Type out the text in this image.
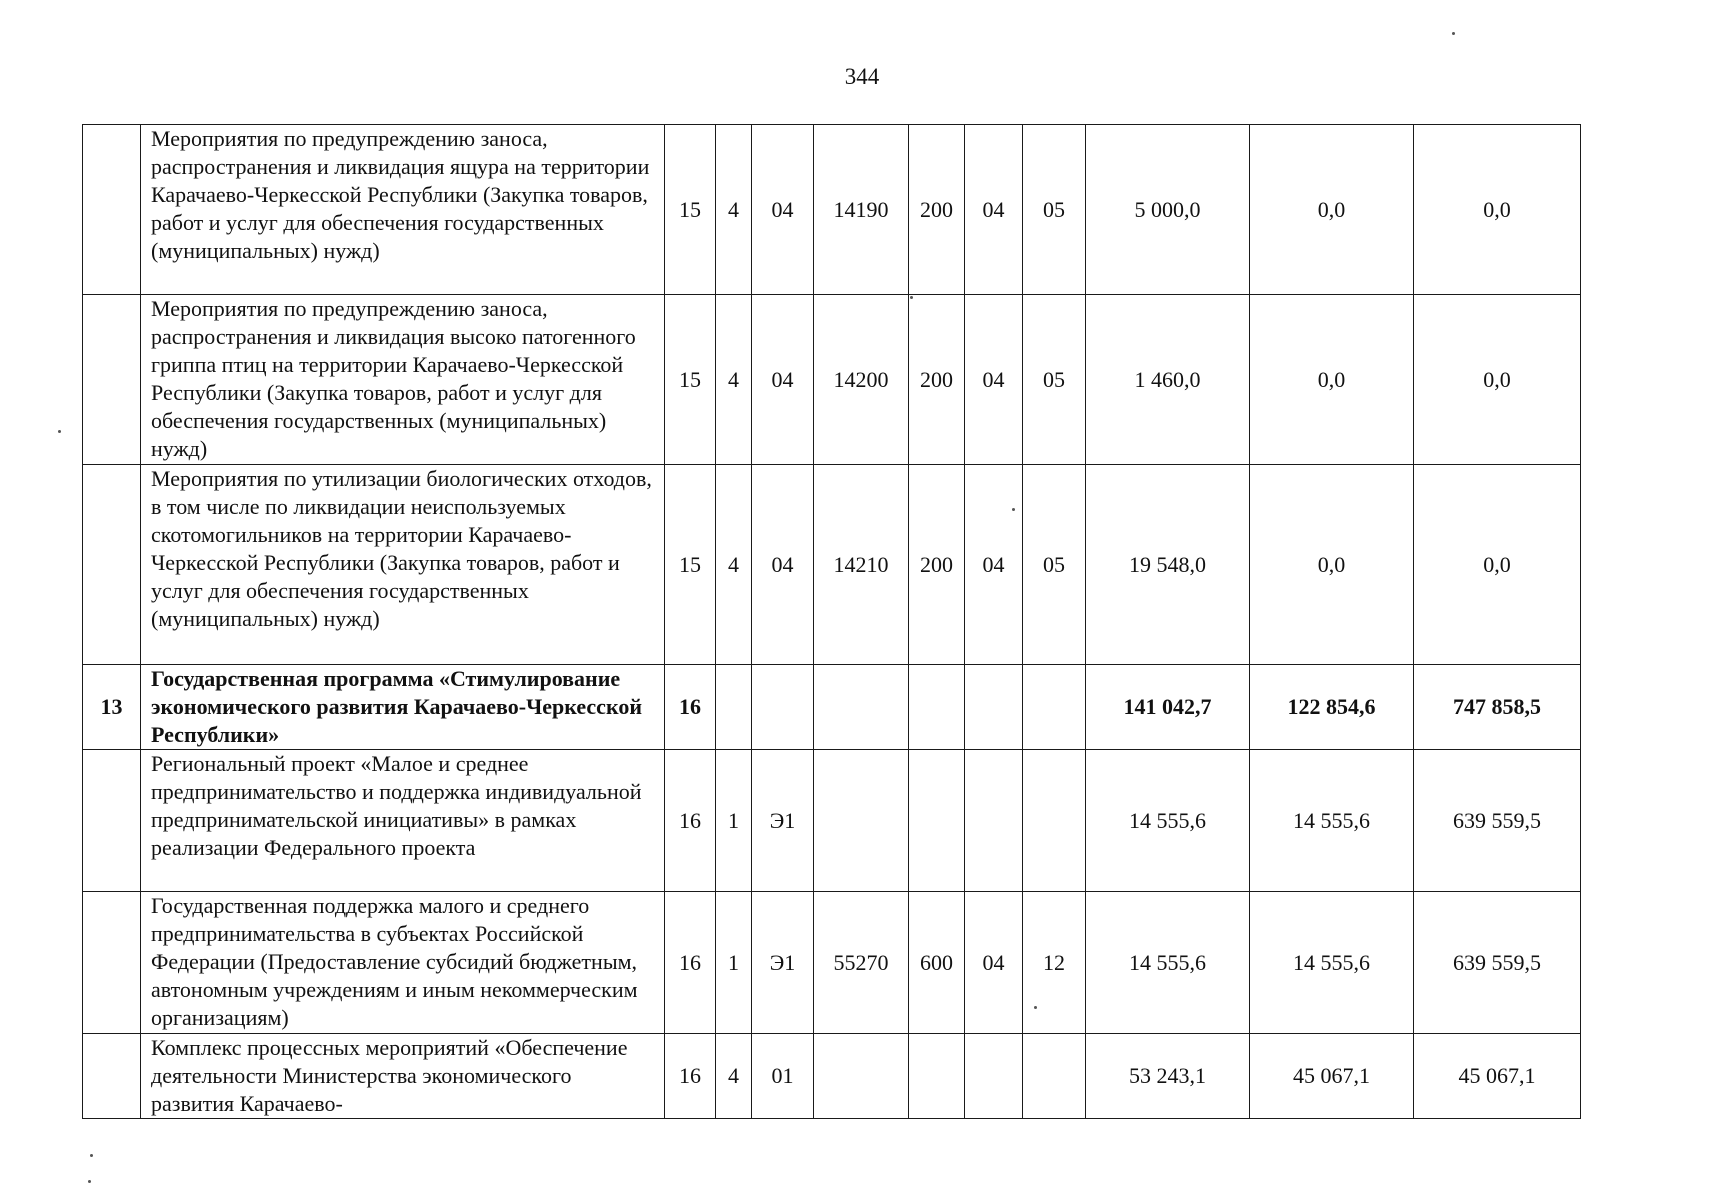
344
	Мероприятия по предупреждению заноса, распространения и ликвидация ящура на территории Карачаево-Черкесской Республики (Закупка товаров, работ и услуг для обеспечения государственных (муниципальных) нужд)	15	4	04	14190	200	04	05	5 000,0	0,0	0,0
	Мероприятия по предупреждению заноса, распространения и ликвидация высоко патогенного гриппа птиц на территории Карачаево-Черкесской Республики (Закупка товаров, работ и услуг для обеспечения государственных (муниципальных) нужд)	15	4	04	14200	200	04	05	1 460,0	0,0	0,0
	Мероприятия по утилизации биологических отходов, в том числе по ликвидации неиспользуемых скотомогильников на территории Карачаево-Черкесской Республики (Закупка товаров, работ и услуг для обеспечения государственных (муниципальных) нужд)	15	4	04	14210	200	04	05	19 548,0	0,0	0,0
13	Государственная программа «Стимулирование экономического развития Карачаево-Черкесской Республики»	16							141 042,7	122 854,6	747 858,5
	Региональный проект «Малое и среднее предпринимательство и поддержка индивидуальной предпринимательской инициативы» в рамках реализации Федерального проекта	16	1	Э1					14 555,6	14 555,6	639 559,5
	Государственная поддержка малого и среднего предпринимательства в субъектах Российской Федерации (Предоставление субсидий бюджетным, автономным учреждениям и иным некоммерческим организациям)	16	1	Э1	55270	600	04	12	14 555,6	14 555,6	639 559,5
	Комплекс процессных мероприятий «Обеспечение деятельности Министерства экономического развития Карачаево-	16	4	01					53 243,1	45 067,1	45 067,1
